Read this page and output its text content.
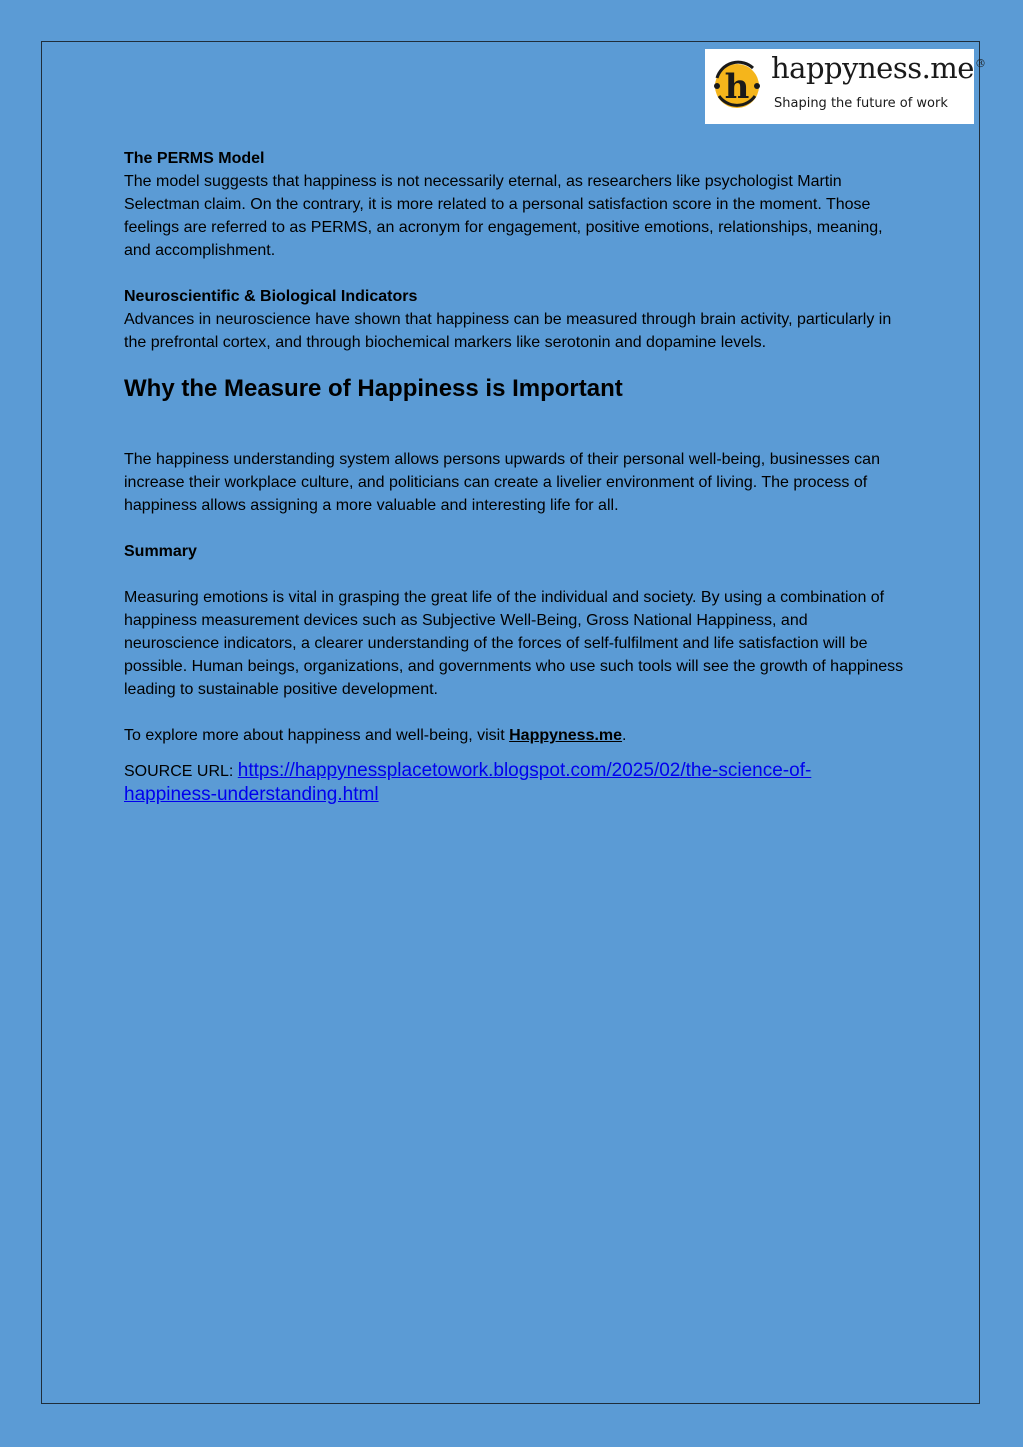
h happyness.me®
Shaping the future of work
The PERMS Model

The model suggests that happiness is not necessarily eternal, as researchers like psychologist Martin Selectman claim. On the contrary, it is more related to a personal satisfaction score in the moment. Those feelings are referred to as PERMS, an acronym for engagement, positive emotions, relationships, meaning, and accomplishment.

Neuroscientific & Biological Indicators

Advances in neuroscience have shown that happiness can be measured through brain activity, particularly in the prefrontal cortex, and through biochemical markers like serotonin and dopamine levels.

Why the Measure of Happiness is Important

The happiness understanding system allows persons upwards of their personal well-being, businesses can increase their workplace culture, and politicians can create a livelier environment of living. The process of happiness allows assigning a more valuable and interesting life for all.

Summary

Measuring emotions is vital in grasping the great life of the individual and society. By using a combination of happiness measurement devices such as Subjective Well-Being, Gross National Happiness, and neuroscience indicators, a clearer understanding of the forces of self-fulfilment and life satisfaction will be possible. Human beings, organizations, and governments who use such tools will see the growth of happiness leading to sustainable positive development.

To explore more about happiness and well-being, visit Happyness.me.

SOURCE URL: https://happynessplacetowork.blogspot.com/2025/02/the-science-of-happiness-understanding.html
